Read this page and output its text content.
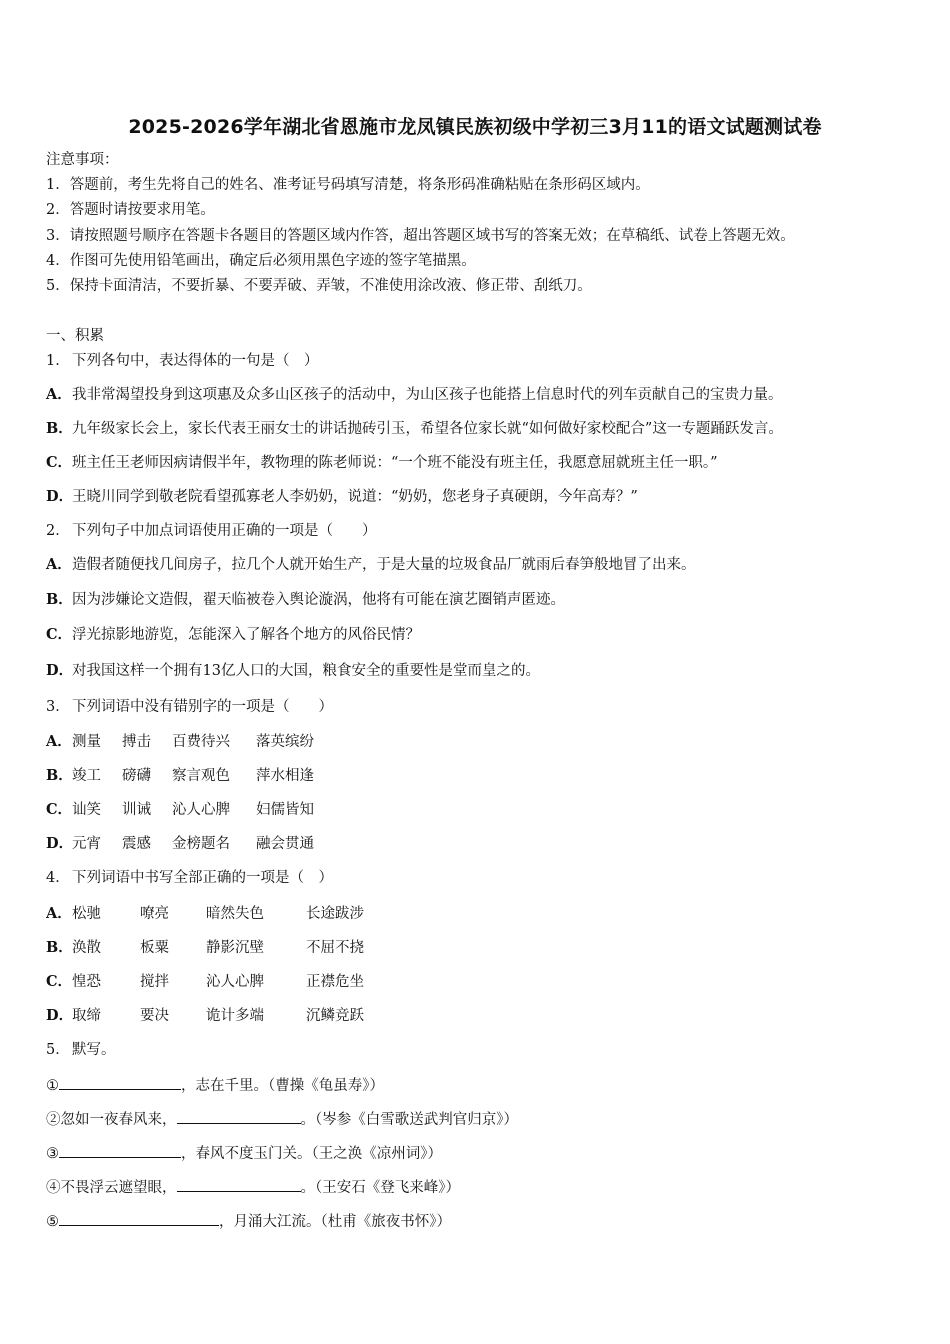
2025-2026学年湖北省恩施市龙凤镇民族初级中学初三3月11的语文试题测试卷
注意事项：
1．答题前，考生先将自己的姓名、准考证号码填写清楚，将条形码准确粘贴在条形码区域内。
2．答题时请按要求用笔。
3．请按照题号顺序在答题卡各题目的答题区域内作答，超出答题区域书写的答案无效；在草稿纸、试卷上答题无效。
4．作图可先使用铅笔画出，确定后必须用黑色字迹的签字笔描黑。
5．保持卡面清洁，不要折暴、不要弄破、弄皱，不准使用涂改液、修正带、刮纸刀。
一、积累
1． 下列各句中，表达得体的一句是（　）
A．我非常渴望投身到这项惠及众多山区孩子的活动中，为山区孩子也能搭上信息时代的列车贡献自己的宝贵力量。
B．九年级家长会上，家长代表王丽女士的讲话抛砖引玉，希望各位家长就“如何做好家校配合”这一专题踊跃发言。
C．班主任王老师因病请假半年，教物理的陈老师说：“一个班不能没有班主任，我愿意屈就班主任一职。”
D．王晓川同学到敬老院看望孤寡老人李奶奶，说道：“奶奶，您老身子真硬朗，今年高寿？”
2． 下列句子中加点词语使用正确的一项是（　　）
A．造假者随便找几间房子，拉几个人就开始生产，于是大量的垃圾食品厂就雨后春笋般地冒了出来。
B．因为涉嫌论文造假，翟天临被卷入舆论漩涡，他将有可能在演艺圈销声匿迹。
C．浮光掠影地游览，怎能深入了解各个地方的风俗民情？
D．对我国这样一个拥有13亿人口的大国，粮食安全的重要性是堂而皇之的。
3． 下列词语中没有错别字的一项是（　　）
A．测量 搏击 百费待兴 落英缤纷
B．竣工 磅礴 察言观色 萍水相逢
C．讪笑 训诫 沁人心脾 妇儒皆知
D．元宵 震感 金榜题名 融会贯通
4． 下列词语中书写全部正确的一项是（　）
A．松驰	嘹亮	暗然失色	长途跋涉
B．涣散	板粟	静影沉壁	不屈不挠
C．惶恐	搅拌	沁人心脾	正襟危坐
D．取缔	要决	诡计多端	沉鳞竞跃
5． 默写。
①	，志在千里。（曹操《龟虽寿》）
②忽如一夜春风来，	。（岑参《白雪歌送武判官归京》）
③	，春风不度玉门关。（王之涣《凉州词》）
④不畏浮云遮望眼，	。（王安石《登飞来峰》）
⑤	，月涌大江流。（杜甫《旅夜书怀》）
